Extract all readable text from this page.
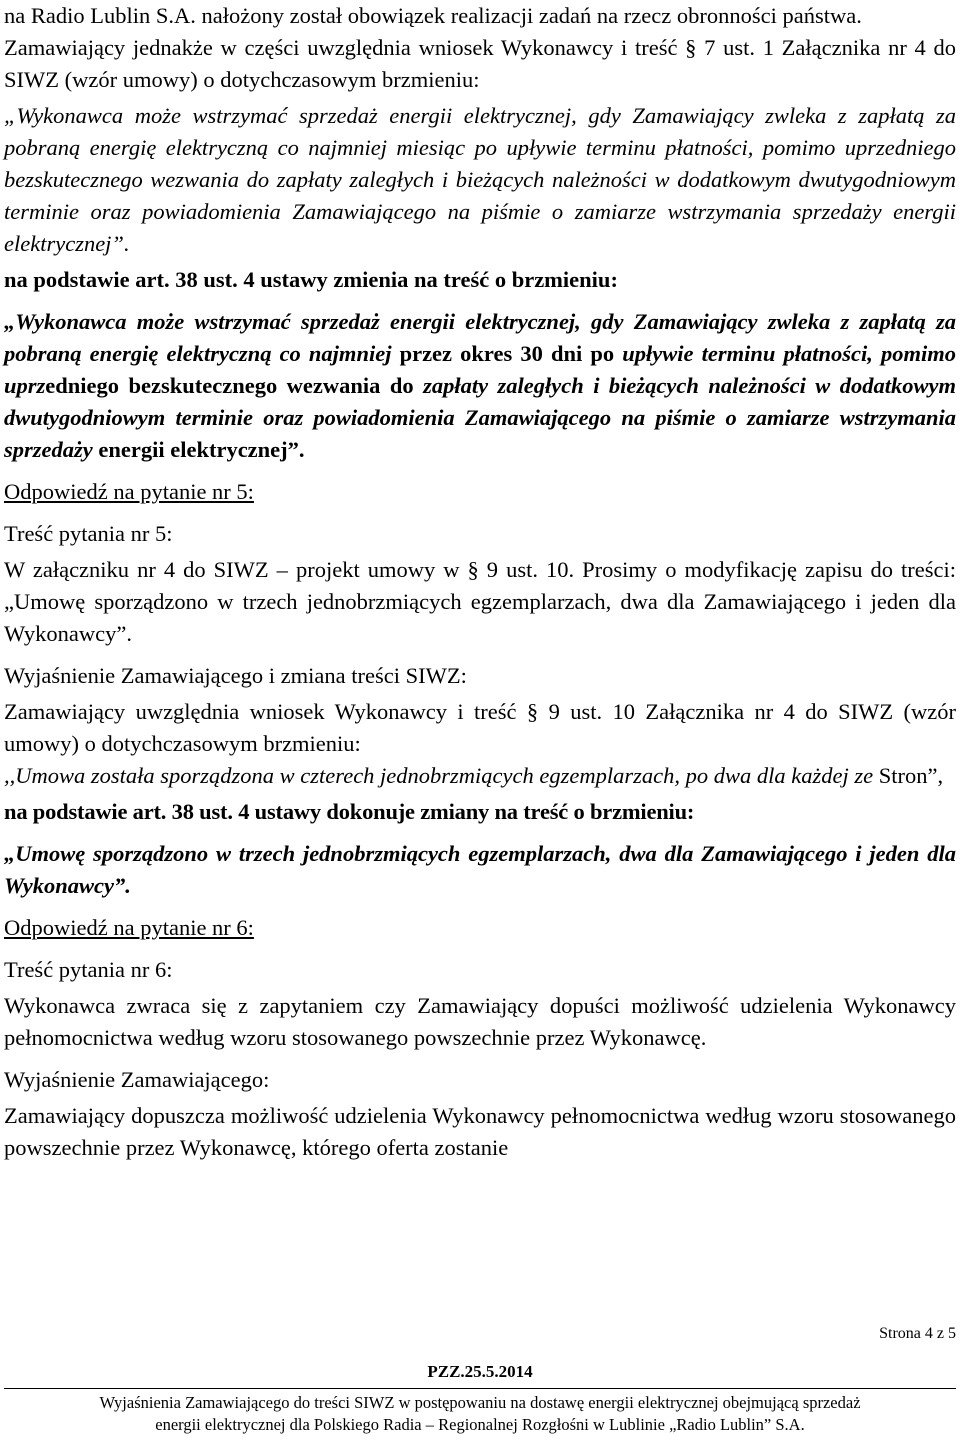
na Radio Lublin S.A. nałożony został obowiązek realizacji zadań na rzecz obronności państwa.

Zamawiający jednakże w części uwzględnia wniosek Wykonawcy i treść § 7 ust. 1 Załącznika nr 4 do SIWZ (wzór umowy) o dotychczasowym brzmieniu:

„Wykonawca może wstrzymać sprzedaż energii elektrycznej, gdy Zamawiający zwleka z zapłatą za pobraną energię elektryczną co najmniej miesiąc po upływie terminu płatności, pomimo uprzedniego bezskutecznego wezwania do zapłaty zaległych i bieżących należności w dodatkowym dwutygodniowym terminie oraz powiadomienia Zamawiającego na piśmie o zamiarze wstrzymania sprzedaży energii elektrycznej”.

na podstawie art. 38 ust. 4 ustawy zmienia na treść o brzmieniu:

„Wykonawca może wstrzymać sprzedaż energii elektrycznej, gdy Zamawiający zwleka z zapłatą za pobraną energię elektryczną co najmniej przez okres 30 dni po upływie terminu płatności, pomimo uprzedniego bezskutecznego wezwania do zapłaty zaległych i bieżących należności w dodatkowym dwutygodniowym terminie oraz powiadomienia Zamawiającego na piśmie o zamiarze wstrzymania sprzedaży energii elektrycznej”.

Odpowiedź na pytanie nr 5:

Treść pytania nr 5:

W załączniku nr 4 do SIWZ – projekt umowy w § 9 ust. 10. Prosimy o modyfikację zapisu do treści: „Umowę sporządzono w trzech jednobrzmiących egzemplarzach, dwa dla Zamawiającego i jeden dla Wykonawcy”.

Wyjaśnienie Zamawiającego i zmiana treści SIWZ:

Zamawiający uwzględnia wniosek Wykonawcy i treść § 9 ust. 10 Załącznika nr 4 do SIWZ (wzór umowy) o dotychczasowym brzmieniu:

,,Umowa została sporządzona w czterech jednobrzmiących egzemplarzach, po dwa dla każdej ze Stron”,

na podstawie art. 38 ust. 4 ustawy dokonuje zmiany na treść o brzmieniu:

„Umowę sporządzono w trzech jednobrzmiących egzemplarzach, dwa dla Zamawiającego i jeden dla Wykonawcy”.

Odpowiedź na pytanie nr 6:

Treść pytania nr 6:

Wykonawca zwraca się z zapytaniem czy Zamawiający dopuści możliwość udzielenia Wykonawcy pełnomocnictwa według wzoru stosowanego powszechnie przez Wykonawcę.

Wyjaśnienie Zamawiającego:

Zamawiający dopuszcza możliwość udzielenia Wykonawcy pełnomocnictwa według wzoru stosowanego powszechnie przez Wykonawcę, którego oferta zostanie

Strona 4 z 5
PZZ.25.5.2014
Wyjaśnienia Zamawiającego do treści SIWZ w postępowaniu na dostawę energii elektrycznej obejmującą sprzedaż
energii elektrycznej dla Polskiego Radia – Regionalnej Rozgłośni w Lublinie „Radio Lublin” S.A.
